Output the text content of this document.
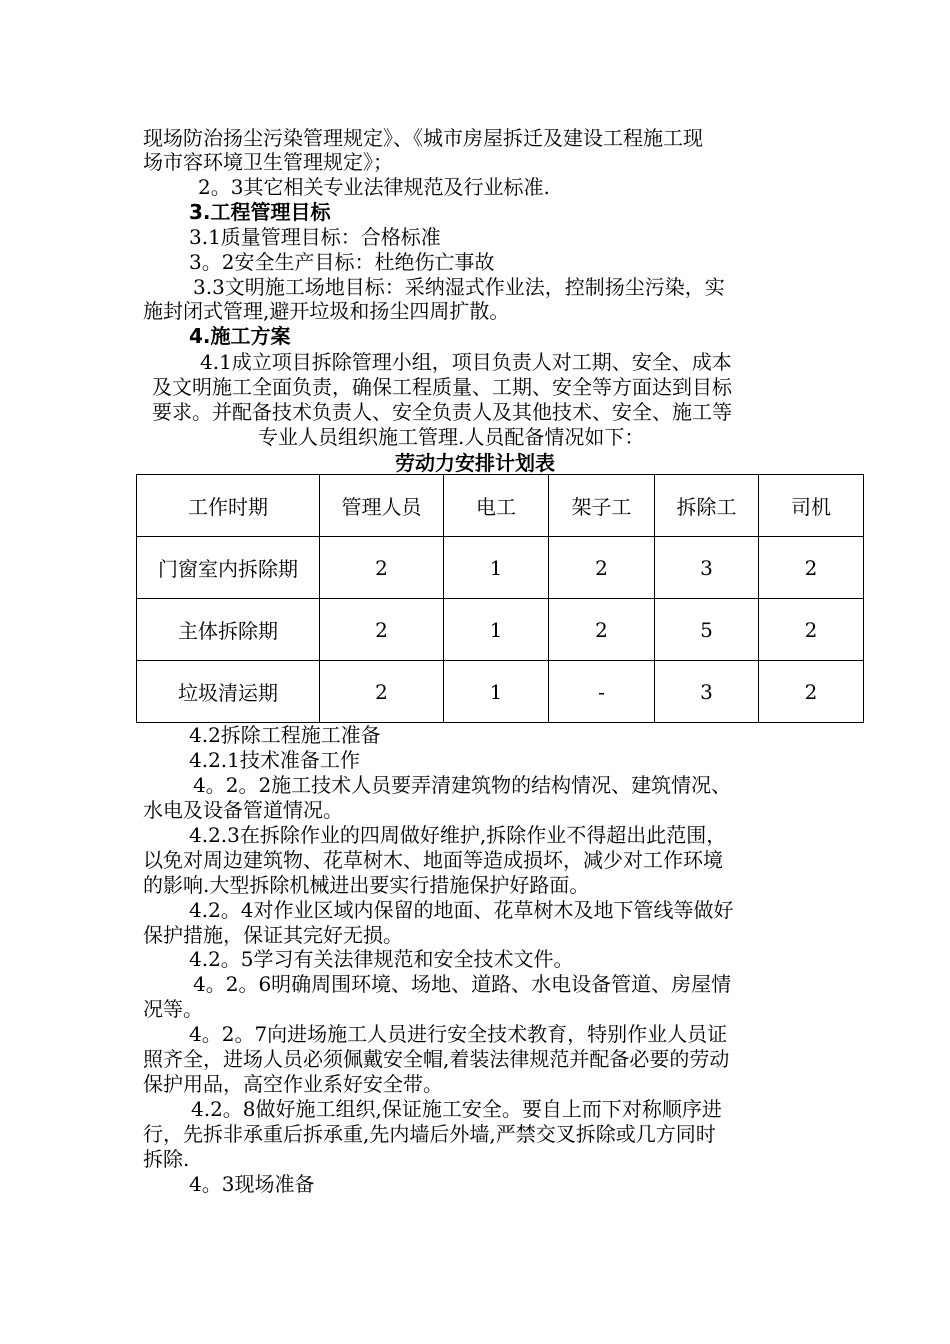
现场防治扬尘污染管理规定》、《城市房屋拆迁及建设工程施工现
场市容环境卫生管理规定》；
2。3其它相关专业法律规范及行业标准.
3.工程管理目标
3.1质量管理目标：合格标准
3。2安全生产目标：杜绝伤亡事故
3.3文明施工场地目标：采纳湿式作业法，控制扬尘污染，实
施封闭式管理,避开垃圾和扬尘四周扩散。
4.施工方案
4.1成立项目拆除管理小组，项目负责人对工期、安全、成本
及文明施工全面负责，确保工程质量、工期、安全等方面达到目标
要求。并配备技术负责人、安全负责人及其他技术、安全、施工等
专业人员组织施工管理.人员配备情况如下：
劳动力安排计划表
工作时期	管理人员	电工	架子工	拆除工	司机
门窗室内拆除期	2	1	2	3	2
主体拆除期	2	1	2	5	2
垃圾清运期	2	1	-	3	2
4.2拆除工程施工准备
4.2.1技术准备工作
4。2。2施工技术人员要弄清建筑物的结构情况、建筑情况、
水电及设备管道情况。
4.2.3在拆除作业的四周做好维护,拆除作业不得超出此范围，
以免对周边建筑物、花草树木、地面等造成损坏，减少对工作环境
的影响.大型拆除机械进出要实行措施保护好路面。
4.2。4对作业区域内保留的地面、花草树木及地下管线等做好
保护措施，保证其完好无损。
4.2。5学习有关法律规范和安全技术文件。
4。2。6明确周围环境、场地、道路、水电设备管道、房屋情
况等。
4。2。7向进场施工人员进行安全技术教育，特别作业人员证
照齐全，进场人员必须佩戴安全帽,着装法律规范并配备必要的劳动
保护用品，高空作业系好安全带。
4.2。8做好施工组织,保证施工安全。要自上而下对称顺序进
行，先拆非承重后拆承重,先内墙后外墙,严禁交叉拆除或几方同时
拆除.
4。3现场准备
